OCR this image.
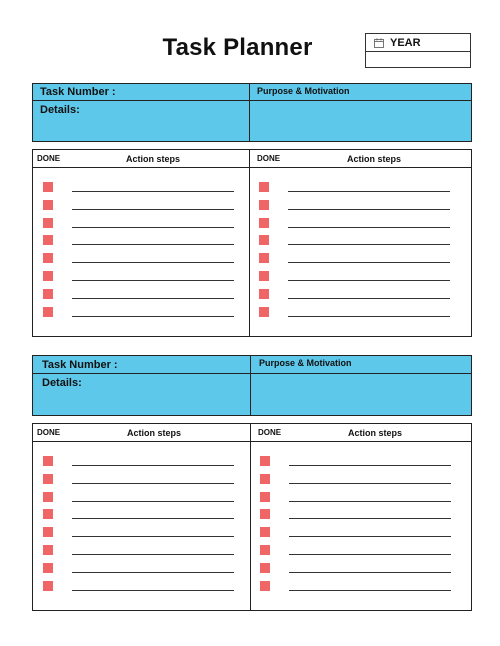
Task Planner	YEAR
Task Number :
Details:
Purpose & Motivation
DONE	Action steps	DONE	Action steps
Task Number :
Details:
Purpose & Motivation
DONE	Action steps	DONE	Action steps
